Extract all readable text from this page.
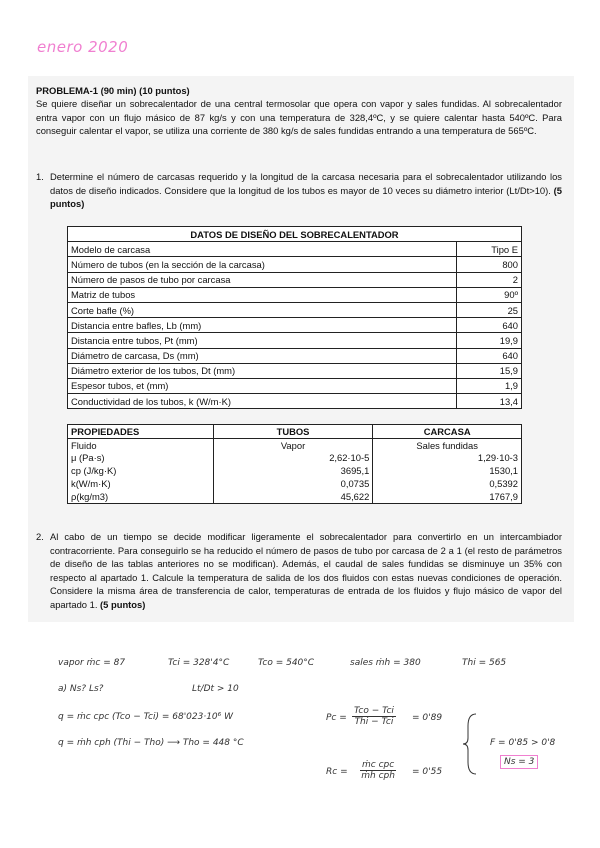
enero 2020
PROBLEMA-1 (90 min) (10 puntos)
Se quiere diseñar un sobrecalentador de una central termosolar que opera con vapor y sales fundidas. Al sobrecalentador entra vapor con un flujo másico de 87 kg/s y con una temperatura de 328,4ºC, y se quiere calentar hasta 540ºC. Para conseguir calentar el vapor, se utiliza una corriente de 380 kg/s de sales fundidas entrando a una temperatura de 565ºC.
1. Determine el número de carcasas requerido y la longitud de la carcasa necesaria para el sobrecalentador utilizando los datos de diseño indicados. Considere que la longitud de los tubos es mayor de 10 veces su diámetro interior (Lt/Dt>10). (5 puntos)
DATOS DE DISEÑO DEL SOBRECALENTADOR	
Modelo de carcasa	Tipo E
Número de tubos (en la sección de la carcasa)	800
Número de pasos de tubo por carcasa	2
Matriz de tubos	90º
Corte bafle (%)	25
Distancia entre bafles, Lb (mm)	640
Distancia entre tubos, Pt (mm)	19,9
Diámetro de carcasa, Ds (mm)	640
Diámetro exterior de los tubos, Dt (mm)	15,9
Espesor tubos, et (mm)	1,9
Conductividad de los tubos, k (W/m·K)	13,4
PROPIEDADES	TUBOS	CARCASA
Fluido	Vapor	Sales fundidas
μ (Pa·s)	2,62·10-5	1,29·10-3
cp (J/kg·K)	3695,1	1530,1
k(W/m·K)	0,0735	0,5392
ρ(kg/m3)	45,622	1767,9
2. Al cabo de un tiempo se decide modificar ligeramente el sobrecalentador para convertirlo en un intercambiador contracorriente. Para conseguirlo se ha reducido el número de pasos de tubo por carcasa de 2 a 1 (el resto de parámetros de diseño de las tablas anteriores no se modifican). Además, el caudal de sales fundidas se disminuye un 35% con respecto al apartado 1. Calcule la temperatura de salida de los dos fluidos con estas nuevas condiciones de operación. Considere la misma área de transferencia de calor, temperaturas de entrada de los fluidos y flujo másico de vapor del apartado 1. (5 puntos)
vapor ṁc = 87	Tci = 328'4°C	Tco = 540°C	sales ṁh = 380	Thi = 565
a) Ns? Ls?	Lt/Dt > 10
q = ṁc cpc (Tco − Tci) = 68'023·10⁶ W
q = ṁh cph (Thi − Tho) ⟶ Tho = 448 °C
Pc =
Tco − Tci
Thi − Tci = 0'89
Rc =
ṁc cpc
ṁh cph = 0'55
F = 0'85 > 0'8
Ns = 3
